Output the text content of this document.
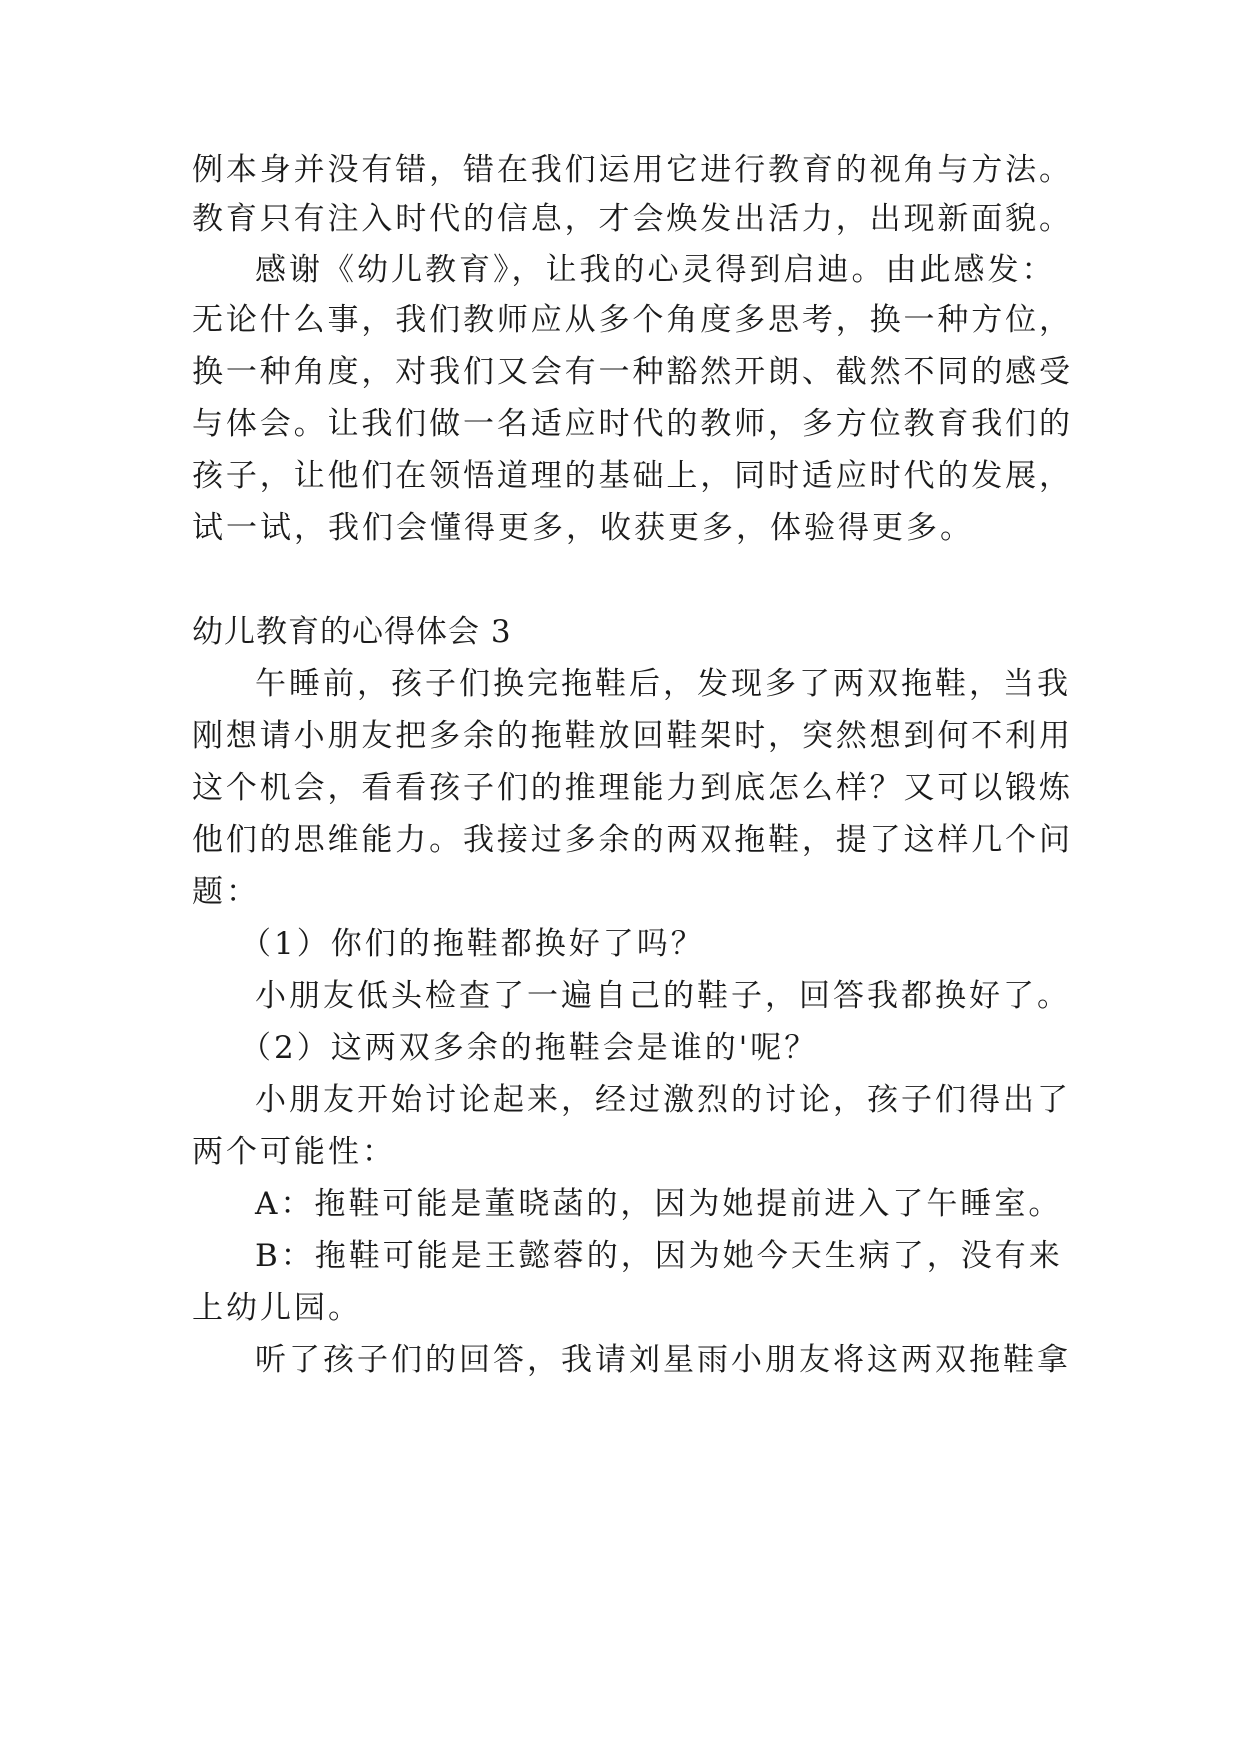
例本身并没有错，错在我们运用它进行教育的视角与方法。
教育只有注入时代的信息，才会焕发出活力，出现新面貌。
感谢《幼儿教育》，让我的心灵得到启迪。由此感发：
无论什么事，我们教师应从多个角度多思考，换一种方位，
换一种角度，对我们又会有一种豁然开朗、截然不同的感受
与体会。让我们做一名适应时代的教师，多方位教育我们的
孩子，让他们在领悟道理的基础上，同时适应时代的发展，
试一试，我们会懂得更多，收获更多，体验得更多。
幼儿教育的心得体会 3
午睡前，孩子们换完拖鞋后，发现多了两双拖鞋，当我
刚想请小朋友把多余的拖鞋放回鞋架时，突然想到何不利用
这个机会，看看孩子们的推理能力到底怎么样？又可以锻炼
他们的思维能力。我接过多余的两双拖鞋，提了这样几个问
题：
（1）你们的拖鞋都换好了吗？
小朋友低头检查了一遍自己的鞋子，回答我都换好了。
（2）这两双多余的拖鞋会是谁的'呢？
小朋友开始讨论起来，经过激烈的讨论，孩子们得出了
两个可能性：
A：拖鞋可能是董晓菡的，因为她提前进入了午睡室。
B：拖鞋可能是王懿蓉的，因为她今天生病了，没有来
上幼儿园。
听了孩子们的回答，我请刘星雨小朋友将这两双拖鞋拿
